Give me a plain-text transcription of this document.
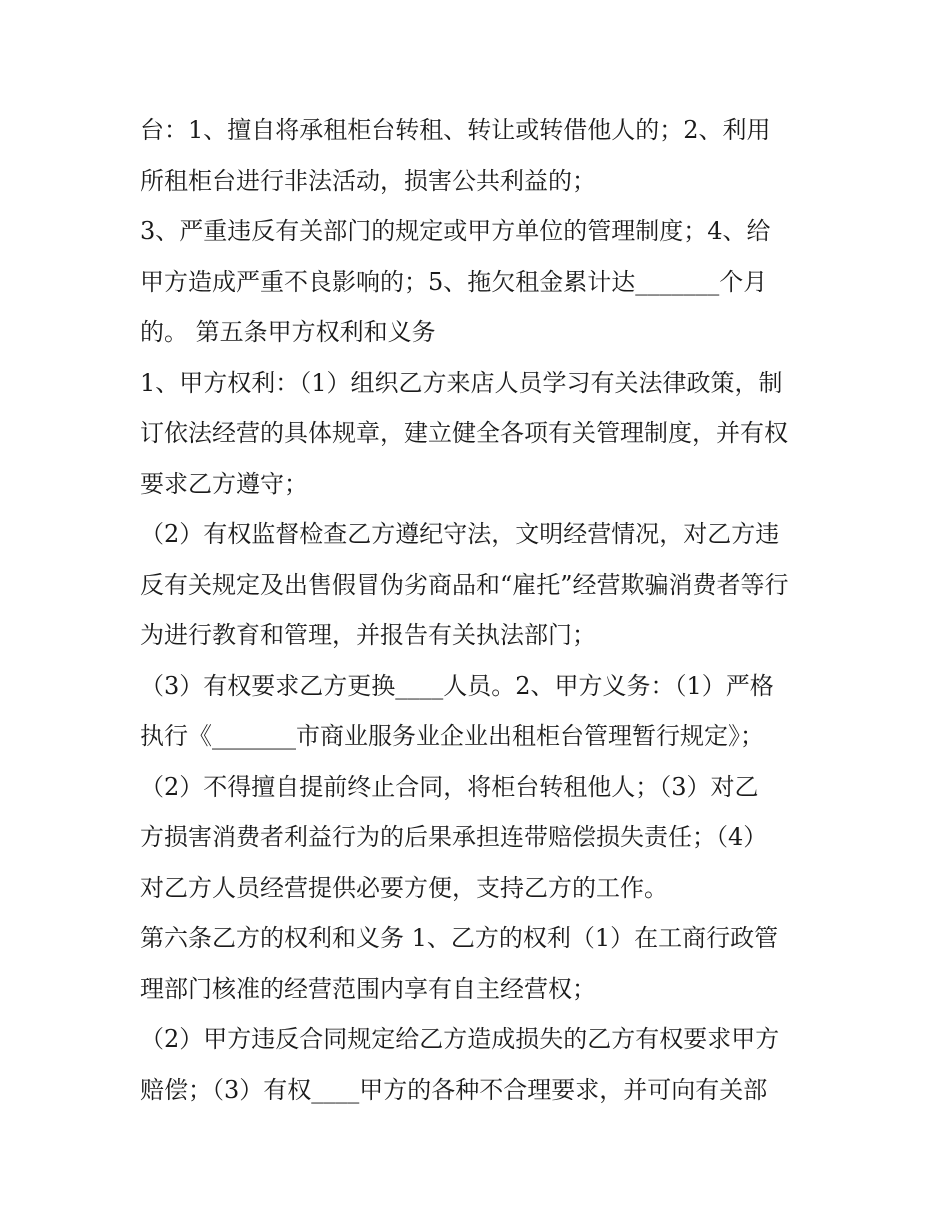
台：1、擅自将承租柜台转租、转让或转借他人的；2、利用
所租柜台进行非法活动，损害公共利益的；
3、严重违反有关部门的规定或甲方单位的管理制度；4、给
甲方造成严重不良影响的；5、拖欠租金累计达_______个月
的。 第五条甲方权利和义务
1、甲方权利：（1）组织乙方来店人员学习有关法律政策，制
订依法经营的具体规章，建立健全各项有关管理制度，并有权
要求乙方遵守；
（2）有权监督检查乙方遵纪守法，文明经营情况，对乙方违
反有关规定及出售假冒伪劣商品和“雇托”经营欺骗消费者等行
为进行教育和管理，并报告有关执法部门；
（3）有权要求乙方更换____人员。2、甲方义务：（1）严格
执行《_______市商业服务业企业出租柜台管理暂行规定》；
（2）不得擅自提前终止合同，将柜台转租他人；（3）对乙
方损害消费者利益行为的后果承担连带赔偿损失责任；（4）
对乙方人员经营提供必要方便，支持乙方的工作。
第六条乙方的权利和义务 1、乙方的权利（1）在工商行政管
理部门核准的经营范围内享有自主经营权；
（2）甲方违反合同规定给乙方造成损失的乙方有权要求甲方
赔偿；（3）有权____甲方的各种不合理要求，并可向有关部
